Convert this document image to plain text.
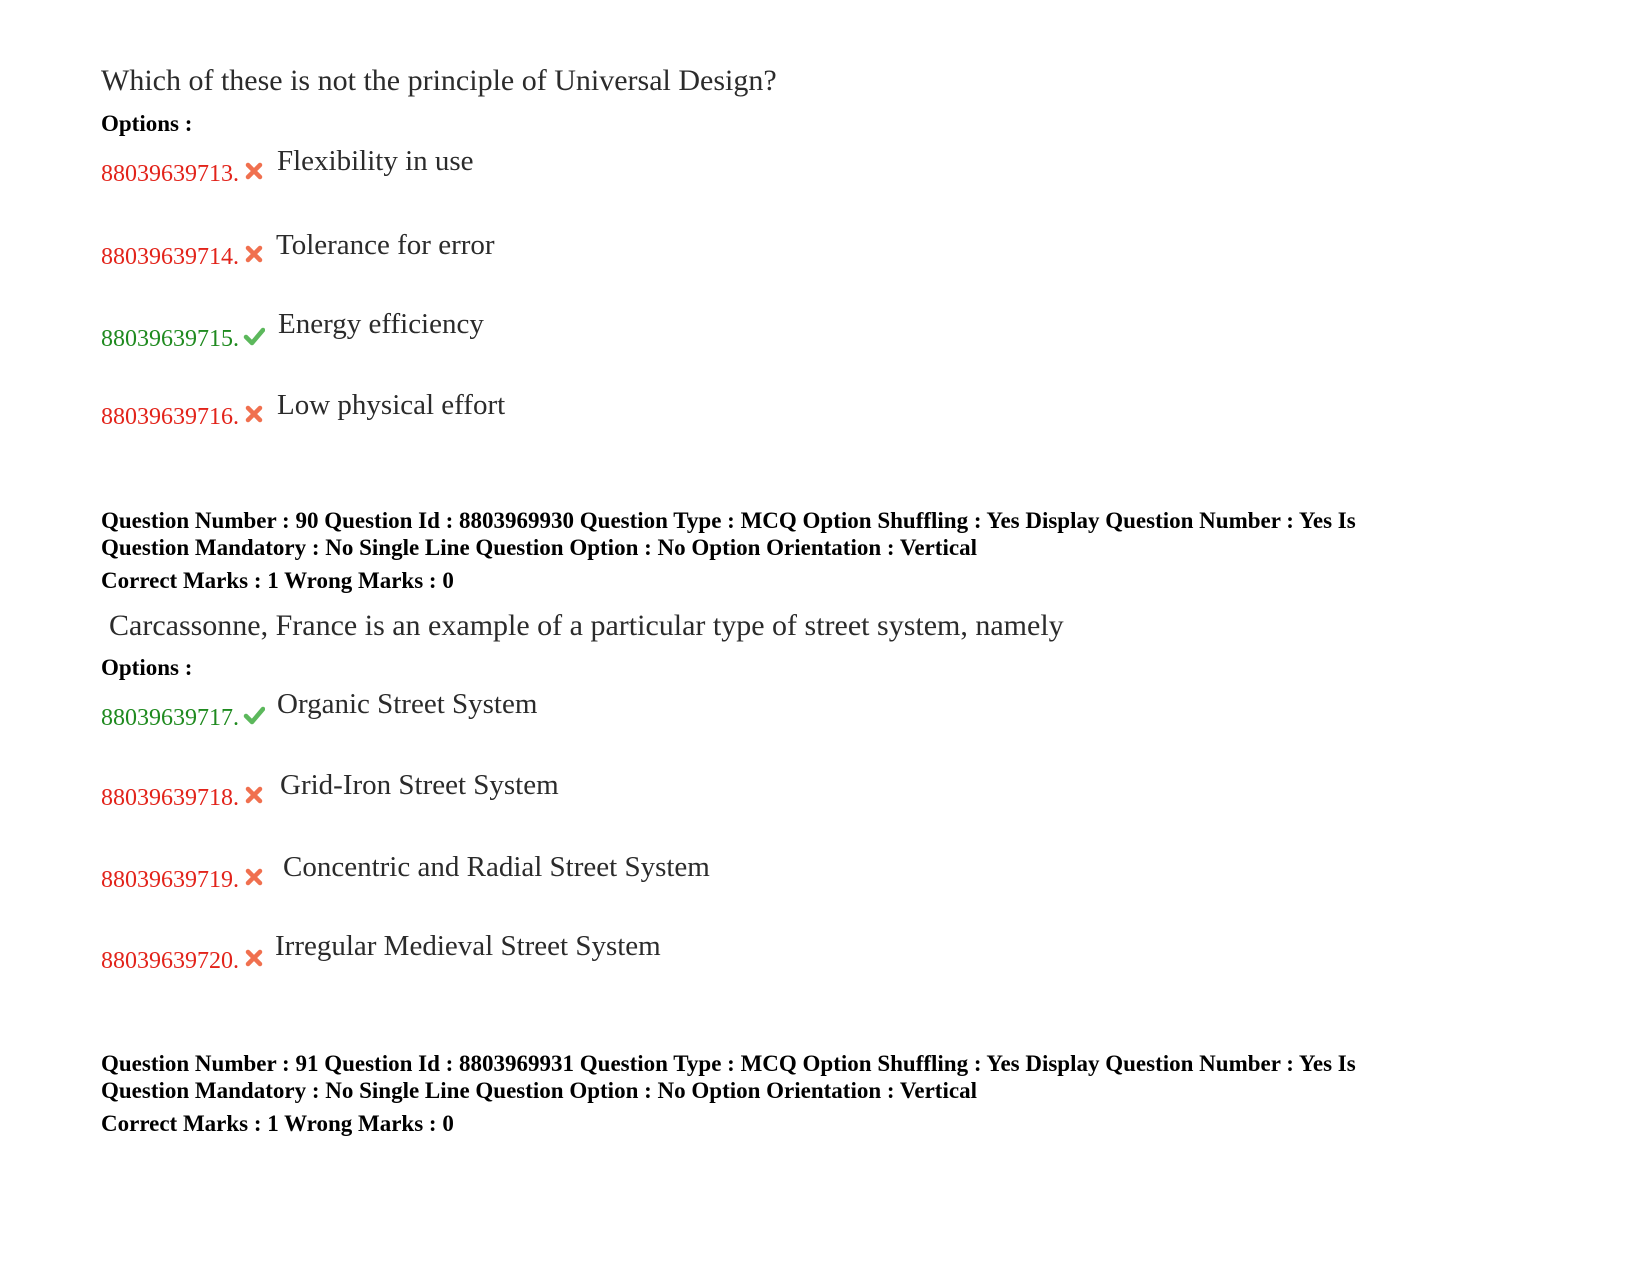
Which of these is not the principle of Universal Design?
Options :
88039639713. Flexibility in use
88039639714. Tolerance for error
88039639715. Energy efficiency
88039639716. Low physical effort
Question Number : 90 Question Id : 8803969930 Question Type : MCQ Option Shuffling : Yes Display Question Number : Yes Is
Question Mandatory : No Single Line Question Option : No Option Orientation : Vertical
Correct Marks : 1 Wrong Marks : 0
Carcassonne, France is an example of a particular type of street system, namely
Options :
88039639717. Organic Street System
88039639718. Grid-Iron Street System
88039639719. Concentric and Radial Street System
88039639720. Irregular Medieval Street System
Question Number : 91 Question Id : 8803969931 Question Type : MCQ Option Shuffling : Yes Display Question Number : Yes Is
Question Mandatory : No Single Line Question Option : No Option Orientation : Vertical
Correct Marks : 1 Wrong Marks : 0
